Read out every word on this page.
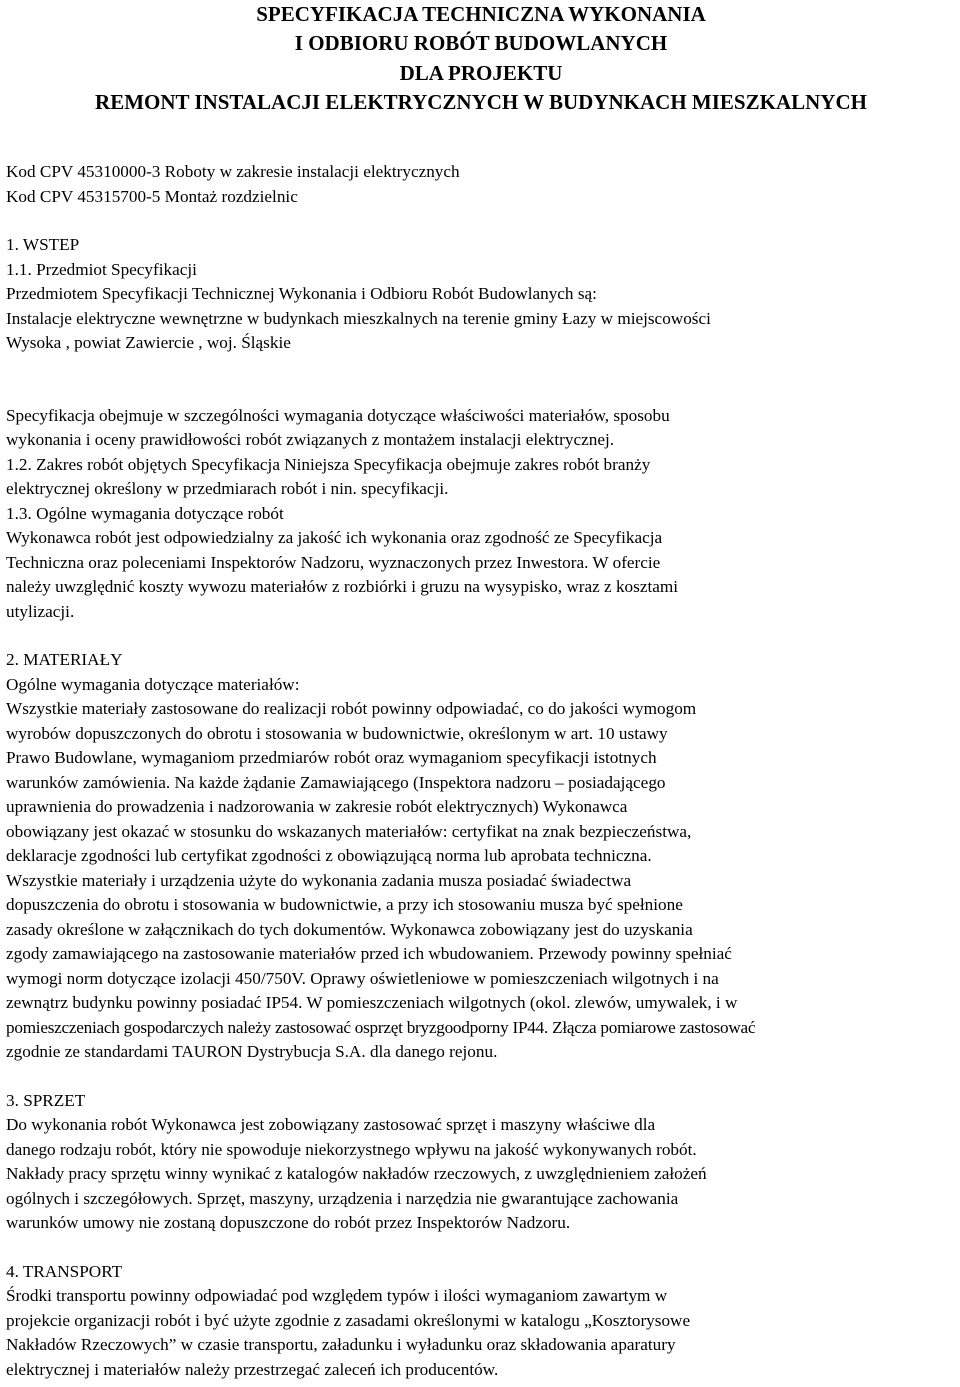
SPECYFIKACJA TECHNICZNA WYKONANIA
I ODBIORU ROBÓT BUDOWLANYCH
DLA PROJEKTU
REMONT INSTALACJI ELEKTRYCZNYCH W BUDYNKACH MIESZKALNYCH
Kod CPV 45310000-3 Roboty w zakresie instalacji elektrycznych
Kod CPV 45315700-5 Montaż rozdzielnic
1. WSTEP
1.1. Przedmiot Specyfikacji
Przedmiotem Specyfikacji Technicznej Wykonania i Odbioru Robót Budowlanych są:
Instalacje elektryczne wewnętrzne w budynkach mieszkalnych na terenie gminy Łazy w miejscowości
Wysoka , powiat Zawiercie , woj. Śląskie
Specyfikacja obejmuje w szczególności wymagania dotyczące właściwości materiałów, sposobu
wykonania i oceny prawidłowości robót związanych z montażem instalacji elektrycznej.
1.2. Zakres robót objętych Specyfikacja Niniejsza Specyfikacja obejmuje zakres robót branży
elektrycznej określony w przedmiarach robót i nin. specyfikacji.
1.3. Ogólne wymagania dotyczące robót
Wykonawca robót jest odpowiedzialny za jakość ich wykonania oraz zgodność ze Specyfikacja
Techniczna oraz poleceniami Inspektorów Nadzoru, wyznaczonych przez Inwestora. W ofercie
należy uwzględnić koszty wywozu materiałów z rozbiórki i gruzu na wysypisko, wraz z kosztami
utylizacji.
2. MATERIAŁY
Ogólne wymagania dotyczące materiałów:
Wszystkie materiały zastosowane do realizacji robót powinny odpowiadać, co do jakości wymogom
wyrobów dopuszczonych do obrotu i stosowania w budownictwie, określonym w art. 10 ustawy
Prawo Budowlane, wymaganiom przedmiarów robót oraz wymaganiom specyfikacji istotnych
warunków zamówienia. Na każde żądanie Zamawiającego (Inspektora nadzoru – posiadającego
uprawnienia do prowadzenia i nadzorowania w zakresie robót elektrycznych) Wykonawca
obowiązany jest okazać w stosunku do wskazanych materiałów: certyfikat na znak bezpieczeństwa,
deklaracje zgodności lub certyfikat zgodności z obowiązującą norma lub aprobata techniczna.
Wszystkie materiały i urządzenia użyte do wykonania zadania musza posiadać świadectwa
dopuszczenia do obrotu i stosowania w budownictwie, a przy ich stosowaniu musza być spełnione
zasady określone w załącznikach do tych dokumentów. Wykonawca zobowiązany jest do uzyskania
zgody zamawiającego na zastosowanie materiałów przed ich wbudowaniem. Przewody powinny spełniać
wymogi norm dotyczące izolacji 450/750V. Oprawy oświetleniowe w pomieszczeniach wilgotnych i na
zewnątrz budynku powinny posiadać IP54. W pomieszczeniach wilgotnych (okol. zlewów, umywalek, i w
pomieszczeniach gospodarczych należy zastosować osprzęt bryzgoodporny IP44. Złącza pomiarowe zastosować
zgodnie ze standardami TAURON Dystrybucja S.A. dla danego rejonu.
3. SPRZET
Do wykonania robót Wykonawca jest zobowiązany zastosować sprzęt i maszyny właściwe dla
danego rodzaju robót, który nie spowoduje niekorzystnego wpływu na jakość wykonywanych robót.
Nakłady pracy sprzętu winny wynikać z katalogów nakładów rzeczowych, z uwzględnieniem założeń
ogólnych i szczegółowych. Sprzęt, maszyny, urządzenia i narzędzia nie gwarantujące zachowania
warunków umowy nie zostaną dopuszczone do robót przez Inspektorów Nadzoru.
4. TRANSPORT
Środki transportu powinny odpowiadać pod względem typów i ilości wymaganiom zawartym w
projekcie organizacji robót i być użyte zgodnie z zasadami określonymi w katalogu „Kosztorysowe
Nakładów Rzeczowych” w czasie transportu, załadunku i wyładunku oraz składowania aparatury
elektrycznej i materiałów należy przestrzegać zaleceń ich producentów.
